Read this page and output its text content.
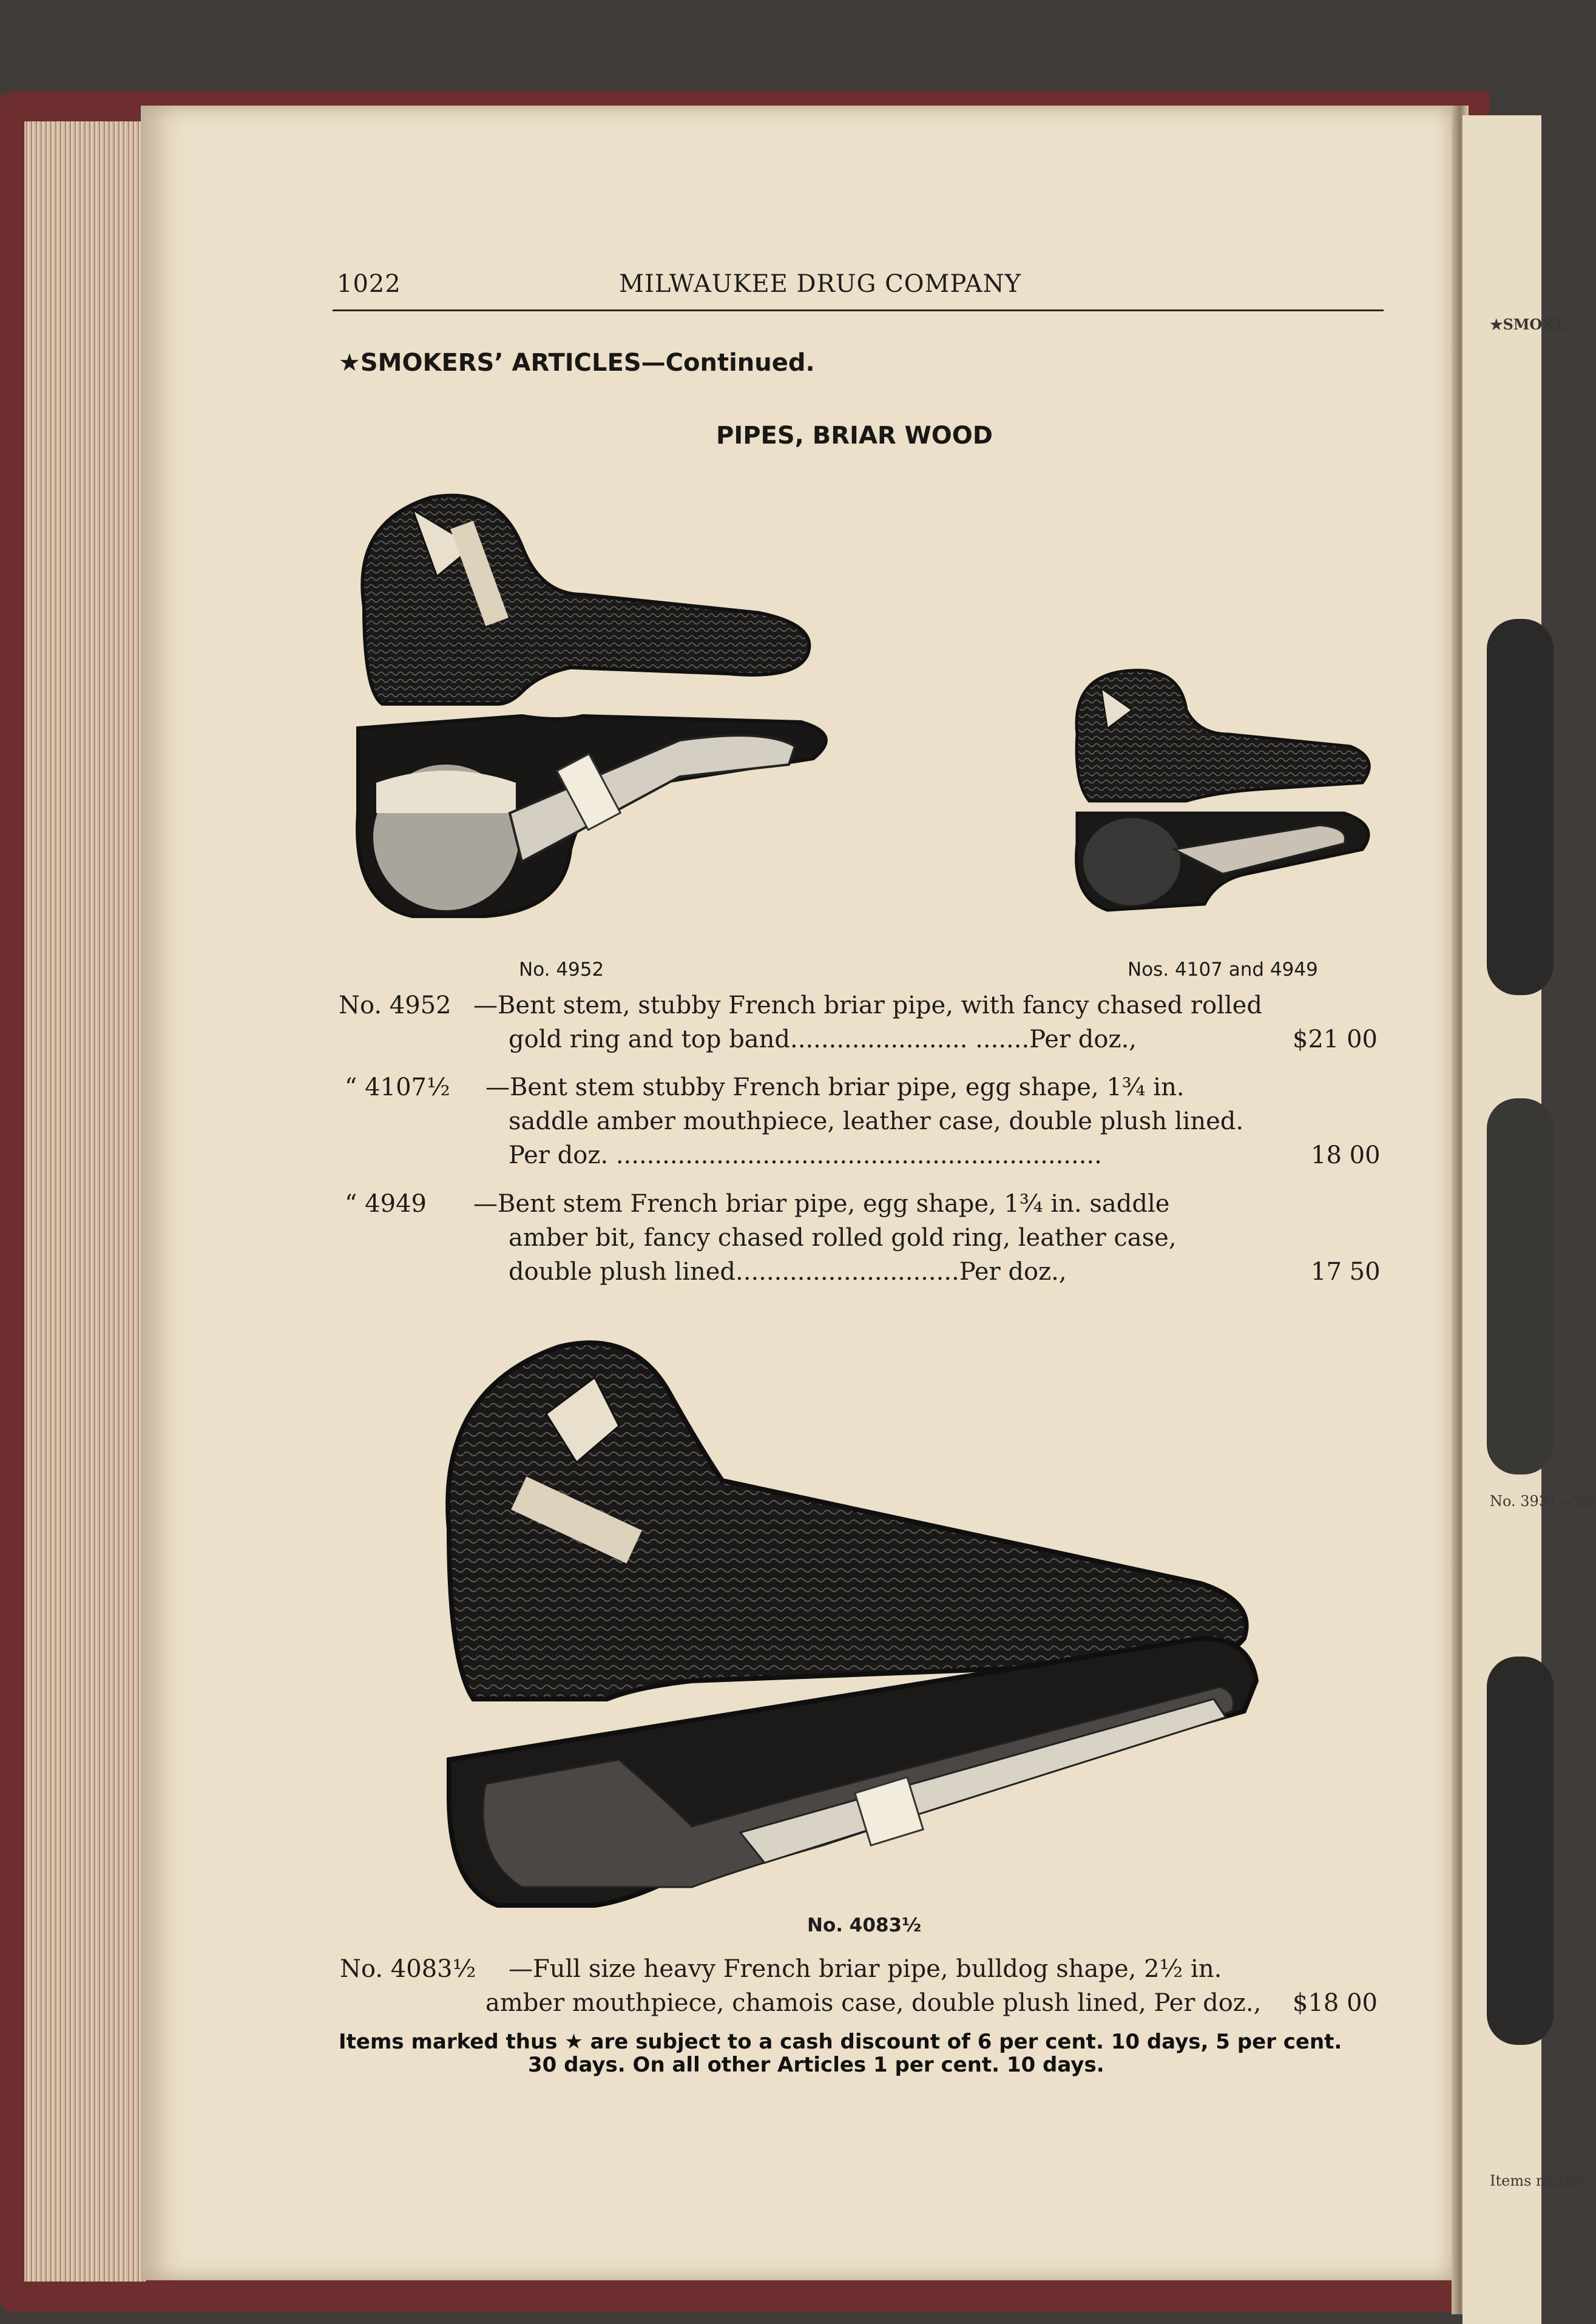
★SMOKE
No. 3931—Sm
Items marke
1022	MILWAUKEE DRUG COMPANY
★SMOKERS’ ARTICLES—Continued.
PIPES, BRIAR WOOD
No. 4952	Nos. 4107 and 4949
No. 4952 —Bent stem, stubby French briar pipe, with fancy chased rolled
gold ring and top band....................... .......Per doz.,	$21 00
“ 4107½ —Bent stem stubby French briar pipe, egg shape, 1¾ in.
saddle amber mouthpiece, leather case, double plush lined.
Per doz. ...............................................................	18 00
“ 4949 —Bent stem French briar pipe, egg shape, 1¾ in. saddle
amber bit, fancy chased rolled gold ring, leather case,
double plush lined.............................Per doz.,	17 50
No. 4083½
No. 4083½ —Full size heavy French briar pipe, bulldog shape, 2½ in.
amber mouthpiece, chamois case, double plush lined, Per doz., $18 00
Items marked thus ★ are subject to a cash discount of 6 per cent. 10 days, 5 per cent.
30 days. On all other Articles 1 per cent. 10 days.
